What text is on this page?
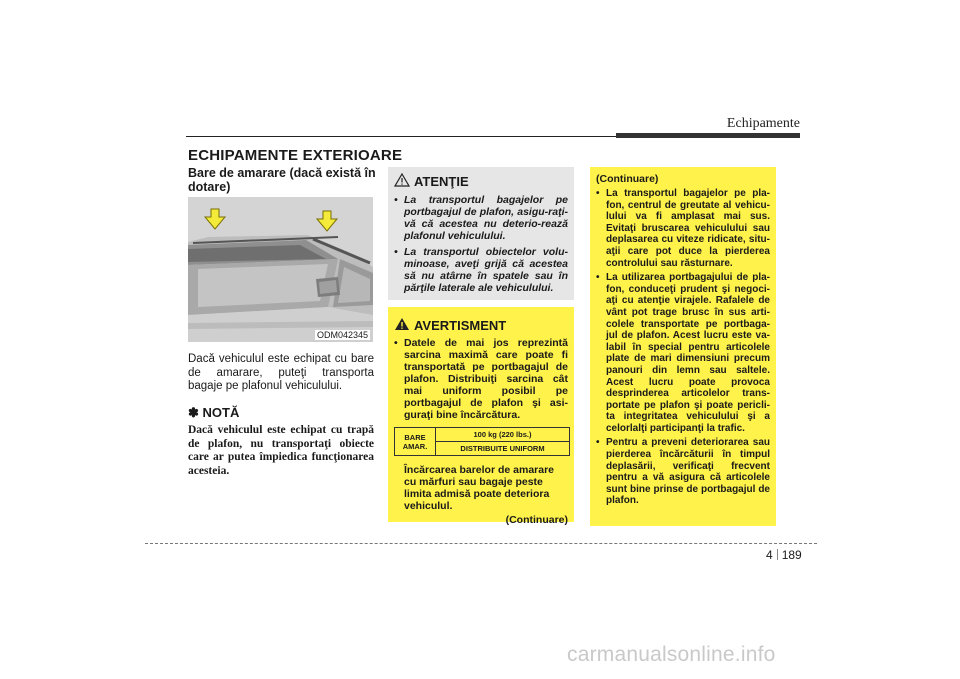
Echipamente
ECHIPAMENTE EXTERIOARE
Bare de amarare (dacă există în dotare)
ODM042345
Dacă vehiculul este echipat cu bare de amarare, puteţi transporta bagaje pe plafonul vehiculului.
✽ NOTĂ
Dacă vehiculul este echipat cu trapă de plafon, nu transportaţi obiecte care ar putea împiedica funcţionarea acesteia.
ATENŢIE
• La transportul bagajelor pe portbagajul de plafon, asigu-raţi-vă că acestea nu deterio-rează plafonul vehiculului.
• La transportul obiectelor volu-minoase, aveţi grijă că acestea să nu atârne în spatele sau în părţile laterale ale vehiculului.
AVERTISMENT
• Datele de mai jos reprezintă sarcina maximă care poate fi transportată pe portbagajul de plafon. Distribuiţi sarcina cât mai uniform posibil pe portbagajul de plafon şi asi-guraţi bine încărcătura.
BARE AMAR.	100 kg (220 lbs.)
DISTRIBUITE UNIFORM
Încărcarea barelor de amarare cu mărfuri sau bagaje peste limita admisă poate deteriora vehiculul.
(Continuare)
(Continuare)
• La transportul bagajelor pe pla-fon, centrul de greutate al vehicu-lului va fi amplasat mai sus. Evitaţi bruscarea vehiculului sau deplasarea cu viteze ridicate, situ-aţii care pot duce la pierderea controlului sau răsturnare.
• La utilizarea portbagajului de pla-fon, conduceţi prudent şi negoci-aţi cu atenţie virajele. Rafalele de vânt pot trage brusc în sus arti-colele transportate pe portbaga-jul de plafon. Acest lucru este va-labil în special pentru articolele plate de mari dimensiuni precum panouri din lemn sau saltele. Acest lucru poate provoca desprinderea articolelor trans-portate pe plafon şi poate pericli-ta integritatea vehiculului şi a celorlalţi participanţi la trafic.
• Pentru a preveni deteriorarea sau pierderea încărcăturii în timpul deplasării, verificaţi frecvent pentru a vă asigura că articolele sunt bine prinse de portbagajul de plafon.
4 189
carmanualsonline.info
